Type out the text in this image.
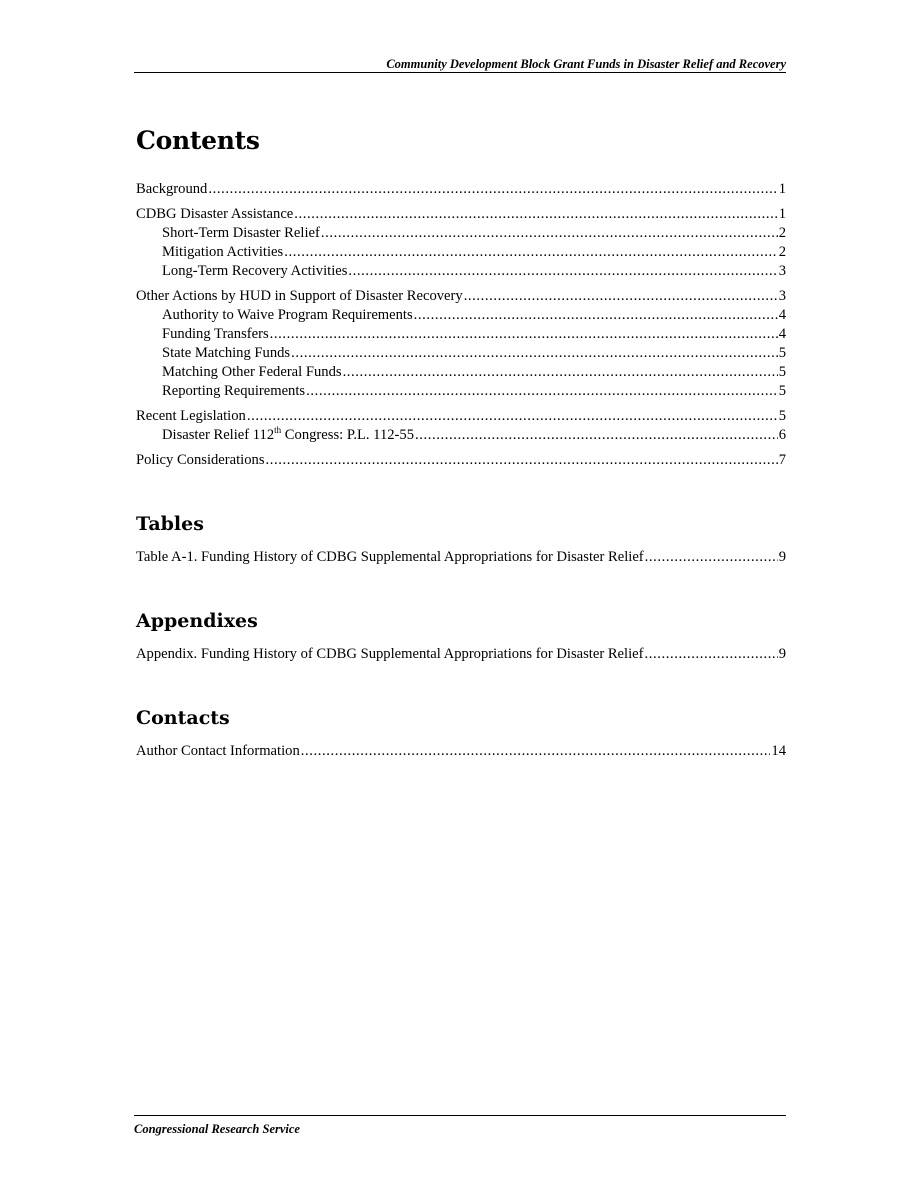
Community Development Block Grant Funds in Disaster Relief and Recovery
Contents
Background .....	1
CDBG Disaster Assistance .....	1
Short-Term Disaster Relief .....	2
Mitigation Activities .....	2
Long-Term Recovery Activities .....	3
Other Actions by HUD in Support of Disaster Recovery .....	3
Authority to Waive Program Requirements .....	4
Funding Transfers .....	4
State Matching Funds .....	5
Matching Other Federal Funds .....	5
Reporting Requirements .....	5
Recent Legislation .....	5
Disaster Relief 112th Congress: P.L. 112-55 .....	6
Policy Considerations .....	7
Tables
Table A-1. Funding History of CDBG Supplemental Appropriations for Disaster Relief .....	9
Appendixes
Appendix. Funding History of CDBG Supplemental Appropriations for Disaster Relief .....	9
Contacts
Author Contact Information .....	14
Congressional Research Service
